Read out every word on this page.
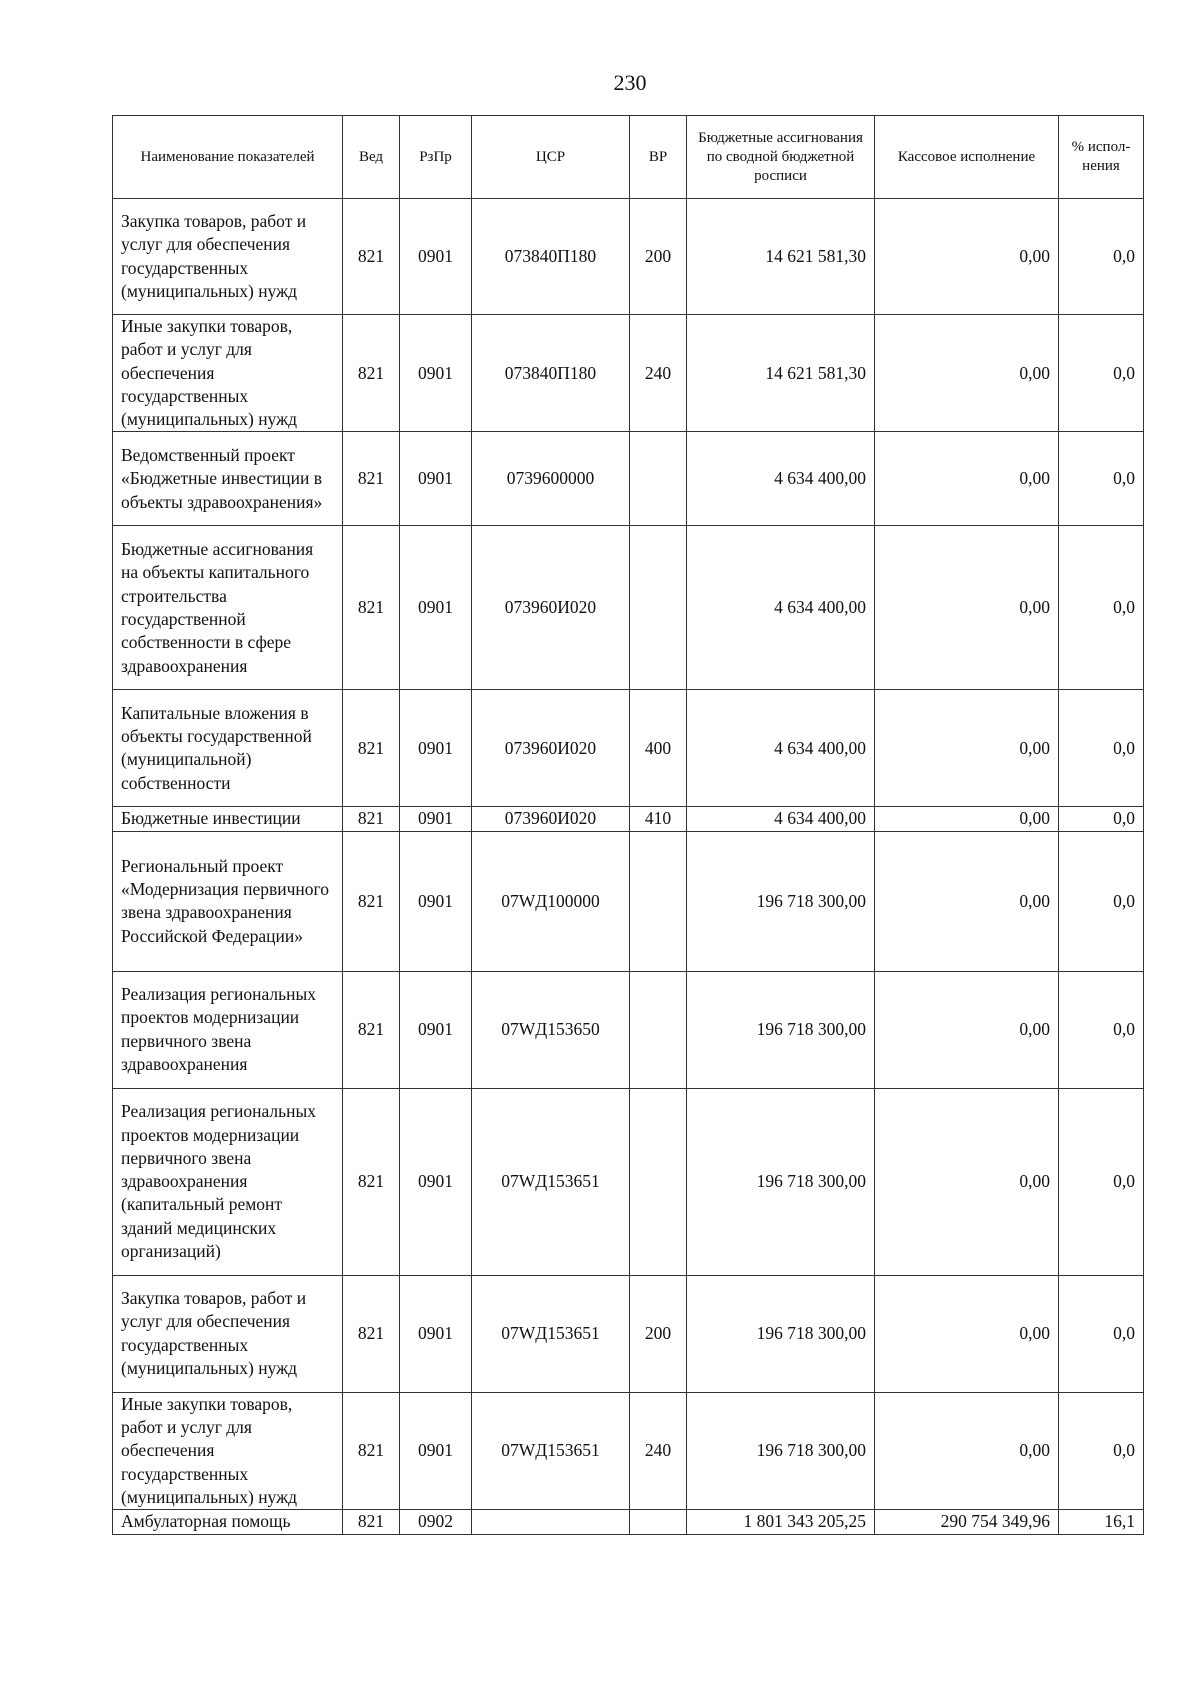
230
Наименование показателей	Вед	РзПр	ЦСР	ВР	Бюджетные ассигнования по сводной бюджетной росписи	Кассовое исполнение	% испол-нения
Закупка товаров, работ и услуг для обеспечения государственных (муниципальных) нужд	821	0901	073840П180	200	14 621 581,30	0,00	0,0
Иные закупки товаров, работ и услуг для обеспечения государственных (муниципальных) нужд	821	0901	073840П180	240	14 621 581,30	0,00	0,0
Ведомственный проект «Бюджетные инвестиции в объекты здравоохранения»	821	0901	0739600000		4 634 400,00	0,00	0,0
Бюджетные ассигнования на объекты капитального строительства государственной собственности в сфере здравоохранения	821	0901	073960И020		4 634 400,00	0,00	0,0
Капитальные вложения в объекты государственной (муниципальной) собственности	821	0901	073960И020	400	4 634 400,00	0,00	0,0
Бюджетные инвестиции	821	0901	073960И020	410	4 634 400,00	0,00	0,0
Региональный проект «Модернизация первичного звена здравоохранения Российской Федерации»	821	0901	07WД100000		196 718 300,00	0,00	0,0
Реализация региональных проектов модернизации первичного звена здравоохранения	821	0901	07WД153650		196 718 300,00	0,00	0,0
Реализация региональных проектов модернизации первичного звена здравоохранения (капитальный ремонт зданий медицинских организаций)	821	0901	07WД153651		196 718 300,00	0,00	0,0
Закупка товаров, работ и услуг для обеспечения государственных (муниципальных) нужд	821	0901	07WД153651	200	196 718 300,00	0,00	0,0
Иные закупки товаров, работ и услуг для обеспечения государственных (муниципальных) нужд	821	0901	07WД153651	240	196 718 300,00	0,00	0,0
Амбулаторная помощь	821	0902			1 801 343 205,25	290 754 349,96	16,1
